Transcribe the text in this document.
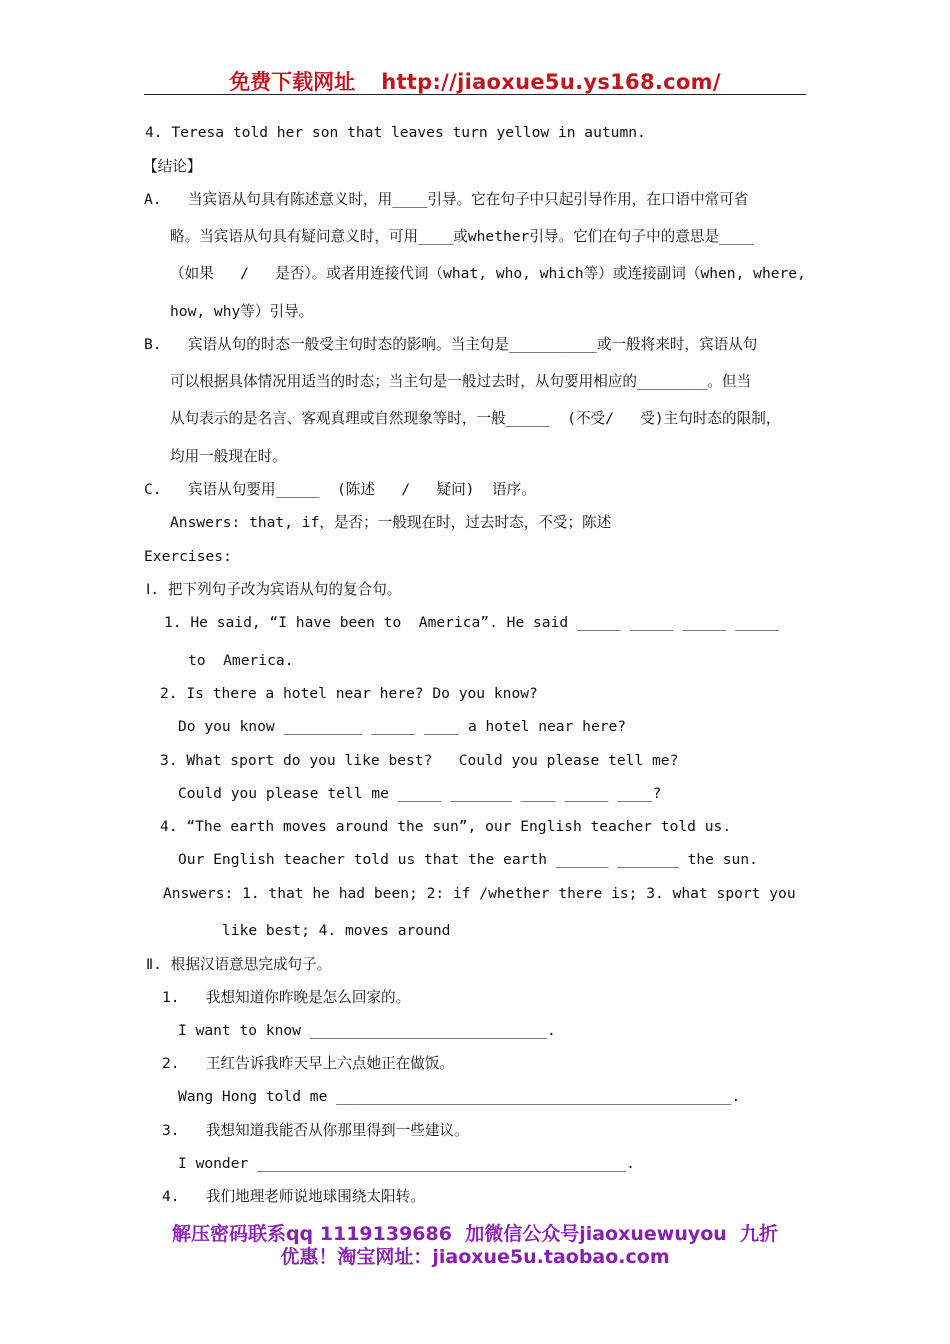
免费下载网址 http://jiaoxue5u.ys168.com/
4. Teresa told her son that leaves turn yellow in autumn.
【结论】
A.   当宾语从句具有陈述意义时，用____引导。它在句子中只起引导作用，在口语中常可省
略。当宾语从句具有疑问意义时，可用____或whether引导。它们在句子中的意思是____
（如果   /   是否）。或者用连接代词（what, who, which等）或连接副词（when, where,
how, why等）引导。
B.   宾语从句的时态一般受主句时态的影响。当主句是__________或一般将来时，宾语从句
可以根据具体情况用适当的时态；当主句是一般过去时，从句要用相应的________。但当
从句表示的是名言、客观真理或自然现象等时，一般_____  (不受/   受)主句时态的限制，
均用一般现在时。
C.   宾语从句要用_____  (陈述   /   疑问)  语序。
Answers: that, if，是否；一般现在时，过去时态，不受；陈述
Exercises:
Ⅰ. 把下列句子改为宾语从句的复合句。
1. He said, “I have been to  America”. He said _____ _____ _____ _____
to  America.
2. Is there a hotel near here? Do you know?
Do you know _________ _____ ____ a hotel near here?
3. What sport do you like best?   Could you please tell me?
Could you please tell me _____ _______ ____ _____ ____?
4. “The earth moves around the sun”, our English teacher told us.
Our English teacher told us that the earth ______ _______ the sun.
Answers: 1. that he had been; 2: if /whether there is; 3. what sport you
like best; 4. moves around
Ⅱ. 根据汉语意思完成句子。
1.   我想知道你昨晚是怎么回家的。
I want to know ___________________________.
2.   王红告诉我昨天早上六点她正在做饭。
Wang Hong told me _____________________________________________.
3.   我想知道我能否从你那里得到一些建议。
I wonder __________________________________________.
4.   我们地理老师说地球围绕太阳转。
解压密码联系qq 1119139686  加微信公众号jiaoxuewuyou  九折
优惠！淘宝网址：jiaoxue5u.taobao.com
